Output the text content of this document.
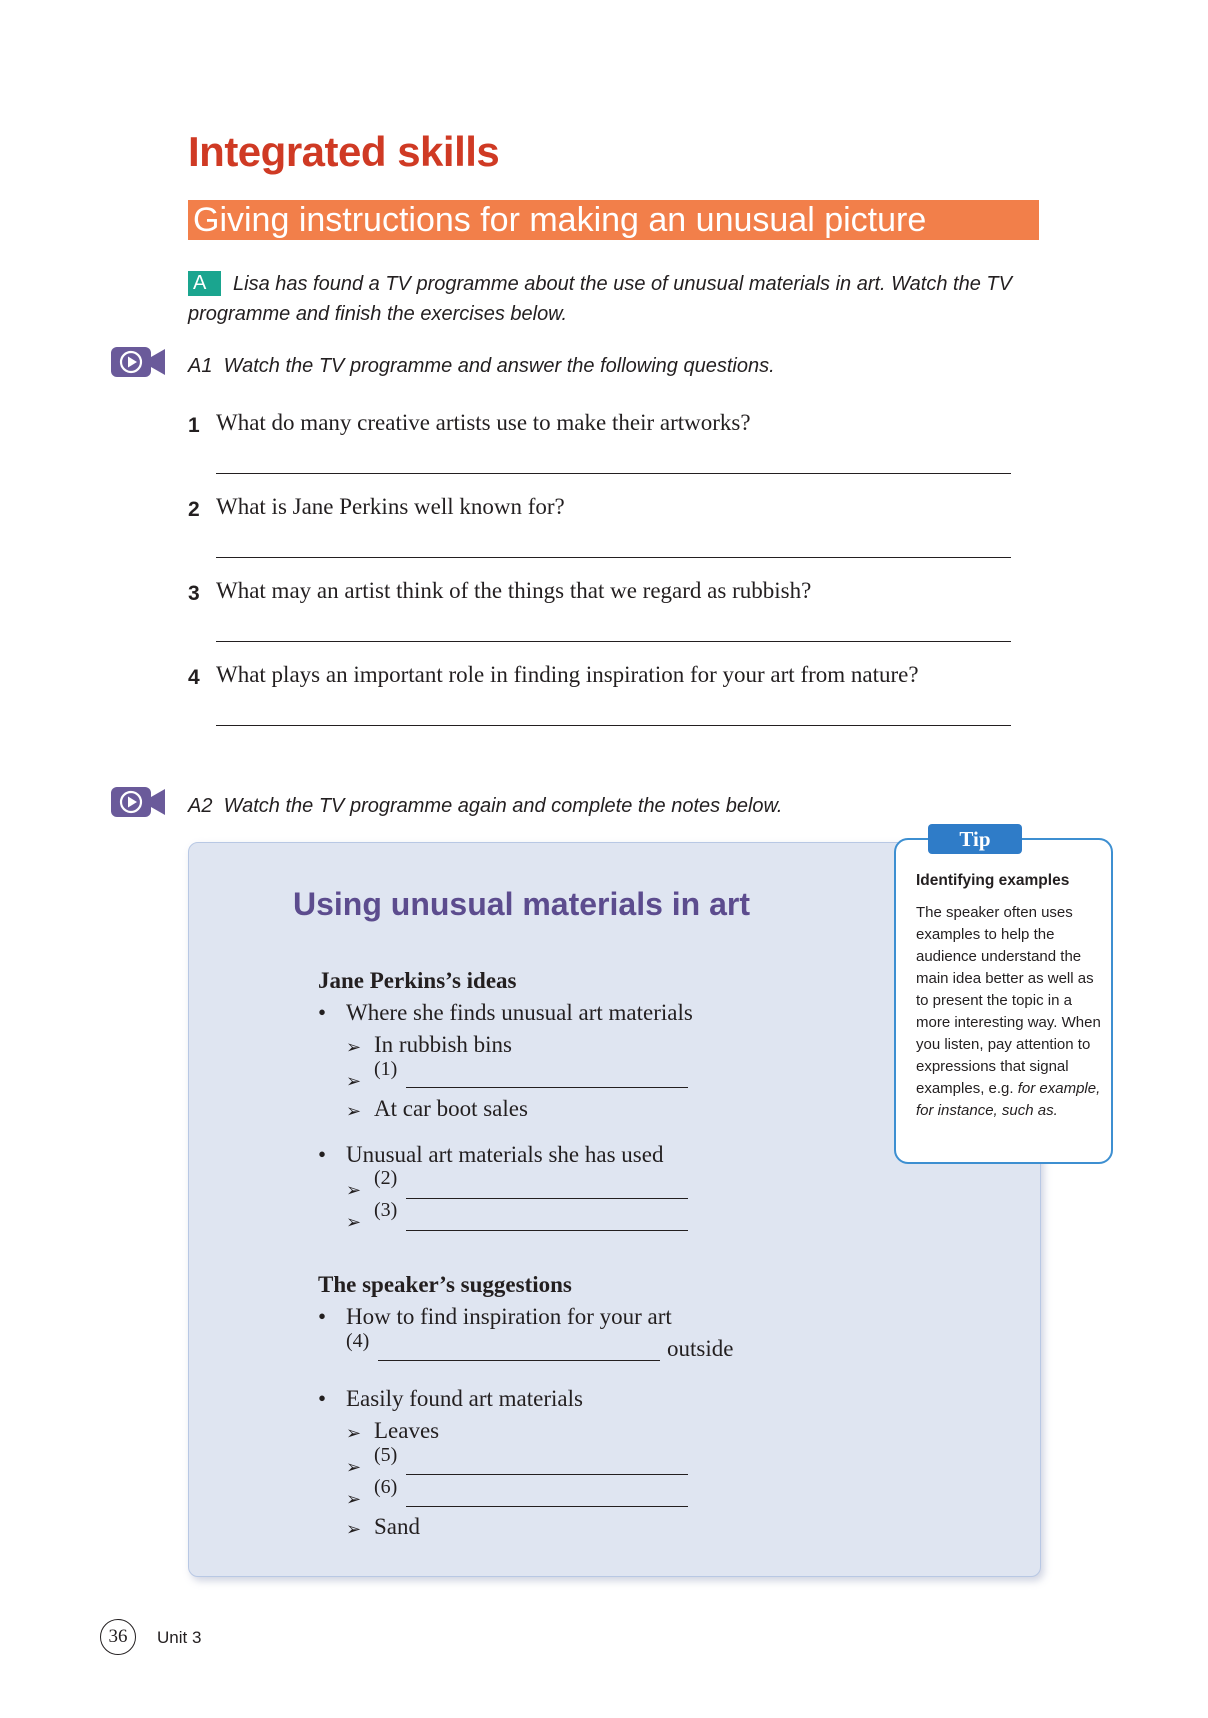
Integrated skills
Giving instructions for making an unusual picture
A	Lisa has found a TV programme about the use of unusual materials in art. Watch the TV programme and finish the exercises below.
A1 Watch the TV programme and answer the following questions.
1 What do many creative artists use to make their artworks?
2 What is Jane Perkins well known for?
3 What may an artist think of the things that we regard as rubbish?
4 What plays an important role in finding inspiration for your art from nature?
A2 Watch the TV programme again and complete the notes below.
Using unusual materials in art
Jane Perkins’s ideas
• Where she finds unusual art materials
➢ In rubbish bins
➢
(1)
➢ At car boot sales
• Unusual art materials she has used
➢
(2)
➢
(3)
The speaker’s suggestions
• How to find inspiration for your art
(4)	outside
• Easily found art materials
➢ Leaves
➢
(5)
➢
(6)
➢ Sand
Tip
Identifying examples
The speaker often uses examples to help the audience understand the main idea better as well as to present the topic in a more interesting way. When you listen, pay attention to expressions that signal examples, e.g. for example, for instance, such as.
36	Unit 3
